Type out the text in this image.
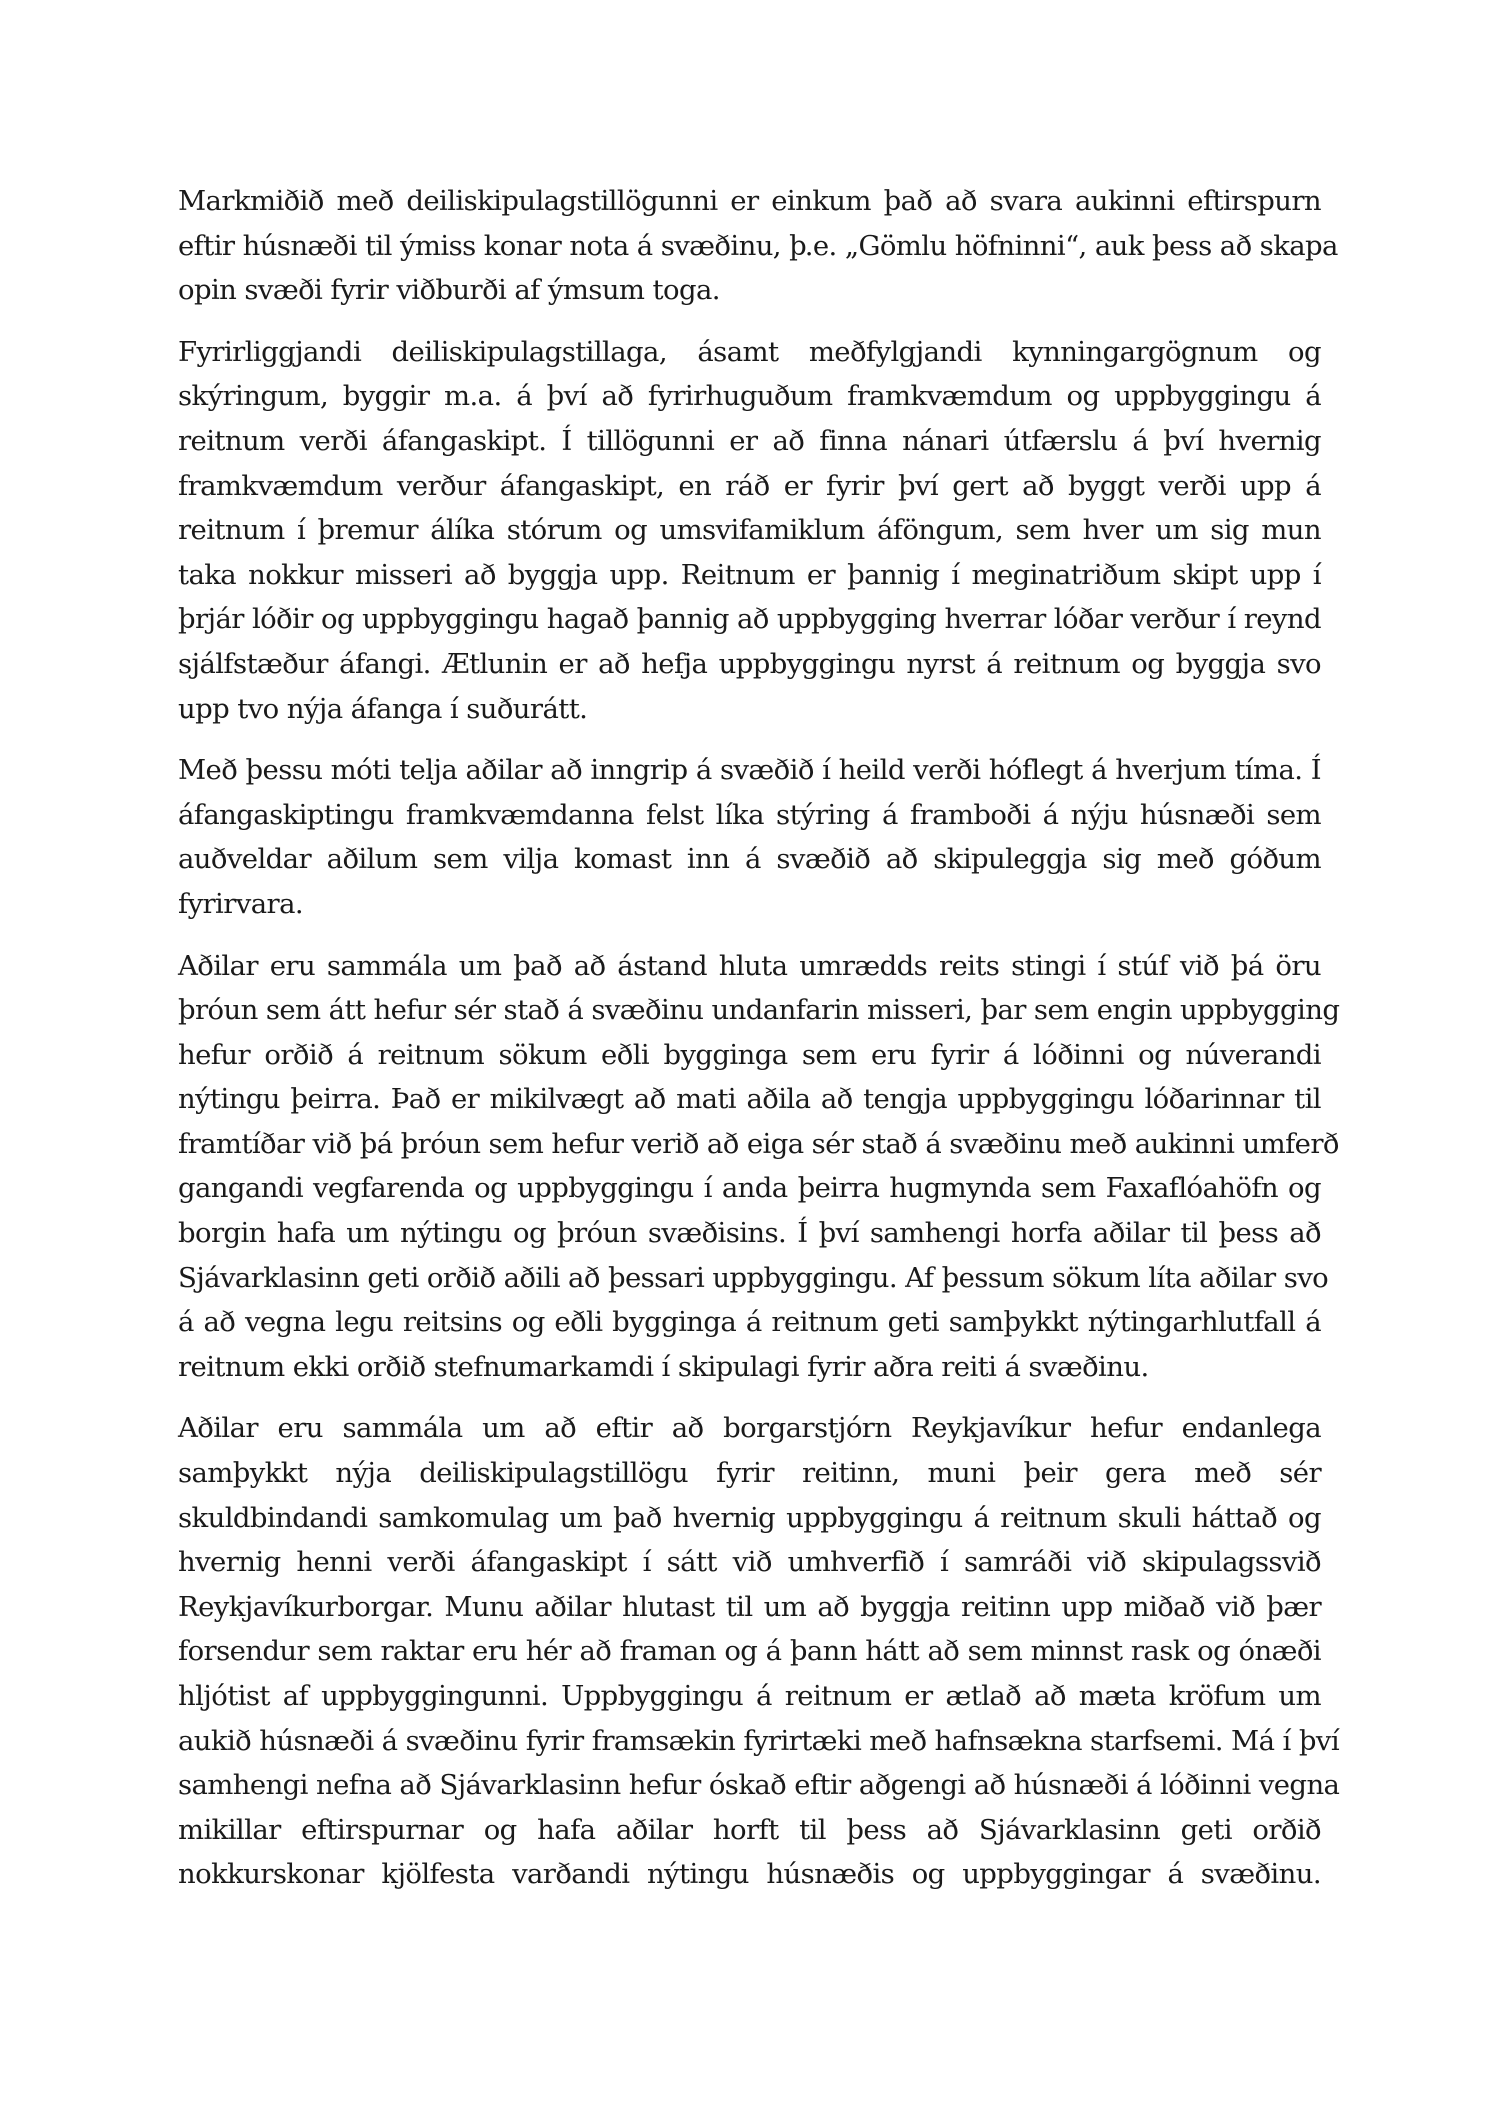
Markmiðið með deiliskipulagstillögunni er einkum það að svara aukinni eftirspurn
eftir húsnæði til ýmiss konar nota á svæðinu, þ.e. „Gömlu höfninni“, auk þess að skapa
opin svæði fyrir viðburði af ýmsum toga.
Fyrirliggjandi deiliskipulagstillaga, ásamt meðfylgjandi kynningargögnum og
skýringum, byggir m.a. á því að fyrirhuguðum framkvæmdum og uppbyggingu á
reitnum verði áfangaskipt. Í tillögunni er að finna nánari útfærslu á því hvernig
framkvæmdum verður áfangaskipt, en ráð er fyrir því gert að byggt verði upp á
reitnum í þremur álíka stórum og umsvifamiklum áföngum, sem hver um sig mun
taka nokkur misseri að byggja upp. Reitnum er þannig í meginatriðum skipt upp í
þrjár lóðir og uppbyggingu hagað þannig að uppbygging hverrar lóðar verður í reynd
sjálfstæður áfangi. Ætlunin er að hefja uppbyggingu nyrst á reitnum og byggja svo
upp tvo nýja áfanga í suðurátt.
Með þessu móti telja aðilar að inngrip á svæðið í heild verði hóflegt á hverjum tíma. Í
áfangaskiptingu framkvæmdanna felst líka stýring á framboði á nýju húsnæði sem
auðveldar aðilum sem vilja komast inn á svæðið að skipuleggja sig með góðum
fyrirvara.
Aðilar eru sammála um það að ástand hluta umrædds reits stingi í stúf við þá öru
þróun sem átt hefur sér stað á svæðinu undanfarin misseri, þar sem engin uppbygging
hefur orðið á reitnum sökum eðli bygginga sem eru fyrir á lóðinni og núverandi
nýtingu þeirra. Það er mikilvægt að mati aðila að tengja uppbyggingu lóðarinnar til
framtíðar við þá þróun sem hefur verið að eiga sér stað á svæðinu með aukinni umferð
gangandi vegfarenda og uppbyggingu í anda þeirra hugmynda sem Faxaflóahöfn og
borgin hafa um nýtingu og þróun svæðisins. Í því samhengi horfa aðilar til þess að
Sjávarklasinn geti orðið aðili að þessari uppbyggingu. Af þessum sökum líta aðilar svo
á að vegna legu reitsins og eðli bygginga á reitnum geti samþykkt nýtingarhlutfall á
reitnum ekki orðið stefnumarkamdi í skipulagi fyrir aðra reiti á svæðinu.
Aðilar eru sammála um að eftir að borgarstjórn Reykjavíkur hefur endanlega
samþykkt nýja deiliskipulagstillögu fyrir reitinn, muni þeir gera með sér
skuldbindandi samkomulag um það hvernig uppbyggingu á reitnum skuli háttað og
hvernig henni verði áfangaskipt í sátt við umhverfið í samráði við skipulagssvið
Reykjavíkurborgar. Munu aðilar hlutast til um að byggja reitinn upp miðað við þær
forsendur sem raktar eru hér að framan og á þann hátt að sem minnst rask og ónæði
hljótist af uppbyggingunni. Uppbyggingu á reitnum er ætlað að mæta kröfum um
aukið húsnæði á svæðinu fyrir framsækin fyrirtæki með hafnsækna starfsemi. Má í því
samhengi nefna að Sjávarklasinn hefur óskað eftir aðgengi að húsnæði á lóðinni vegna
mikillar eftirspurnar og hafa aðilar horft til þess að Sjávarklasinn geti orðið
nokkurskonar kjölfesta varðandi nýtingu húsnæðis og uppbyggingar á svæðinu.
